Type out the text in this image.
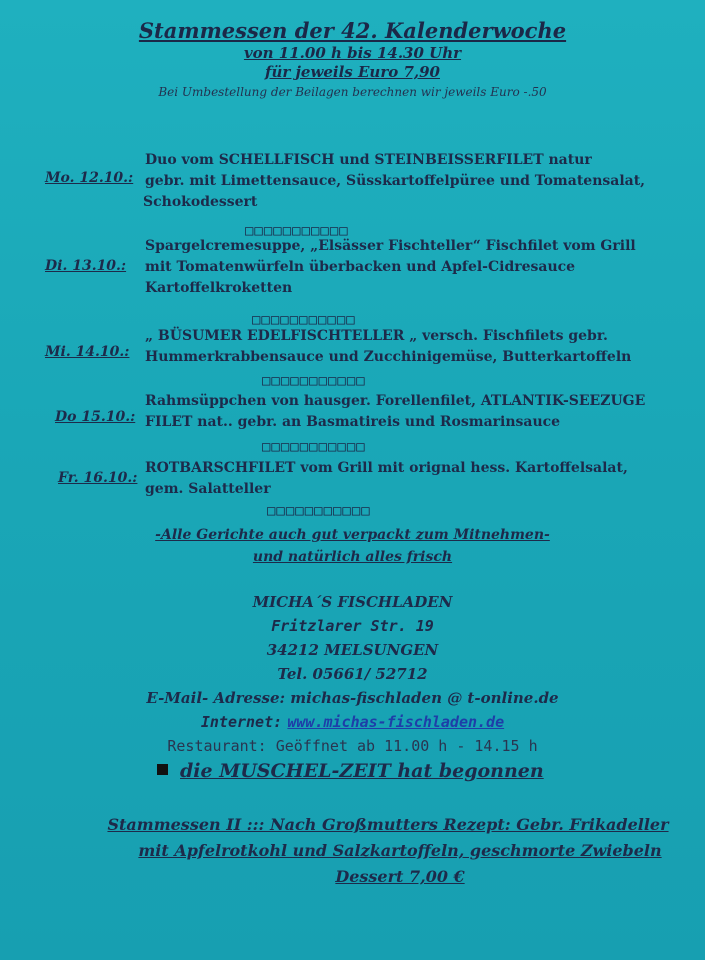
Stammessen der 42. Kalenderwoche

von 11.00 h bis 14.30 Uhr

für jeweils Euro 7,90

Bei Umbestellung der Beilagen berechnen wir jeweils Euro -.50

Mo. 12.10.:
Duo vom SCHELLFISCH und STEINBEISSERFILET natur
gebr. mit Limettensauce, Süsskartoffelpüree und Tomatensalat,
Schokodessert
□□□□□□□□□□□
Di. 13.10.:
Spargelcremesuppe, „Elsässer Fischteller“ Fischfilet vom Grill
mit Tomatenwürfeln überbacken und Apfel-Cidresauce
Kartoffelkroketten
□□□□□□□□□□□
Mi. 14.10.:
„ BÜSUMER EDELFISCHTELLER „ versch. Fischfilets gebr.
Hummerkrabbensauce und Zucchinigemüse, Butterkartoffeln
□□□□□□□□□□□
Do 15.10.:
Rahmsüppchen von hausger. Forellenfilet, ATLANTIK-SEEZUGE
FILET nat.. gebr. an Basmatireis und Rosmarinsauce
□□□□□□□□□□□
Fr. 16.10.:
ROTBARSCHFILET vom Grill mit orignal hess. Kartoffelsalat,
gem. Salatteller
□□□□□□□□□□□
-Alle Gerichte auch gut verpackt zum Mitnehmen-
und natürlich alles frisch

MICHA´S FISCHLADEN

Fritzlarer Str. 19

34212 MELSUNGEN

Tel. 05661/ 52712

E-Mail- Adresse: michas-fischladen @ t-online.de

Internet: www.michas-fischladen.de

Restaurant: Geöffnet ab 11.00 h - 14.15 h

die MUSCHEL-ZEIT hat begonnen
Stammessen II ::: Nach Großmutters Rezept: Gebr. Frikadeller
mit Apfelrotkohl und Salzkartoffeln, geschmorte Zwiebeln
Dessert 7,00 €
